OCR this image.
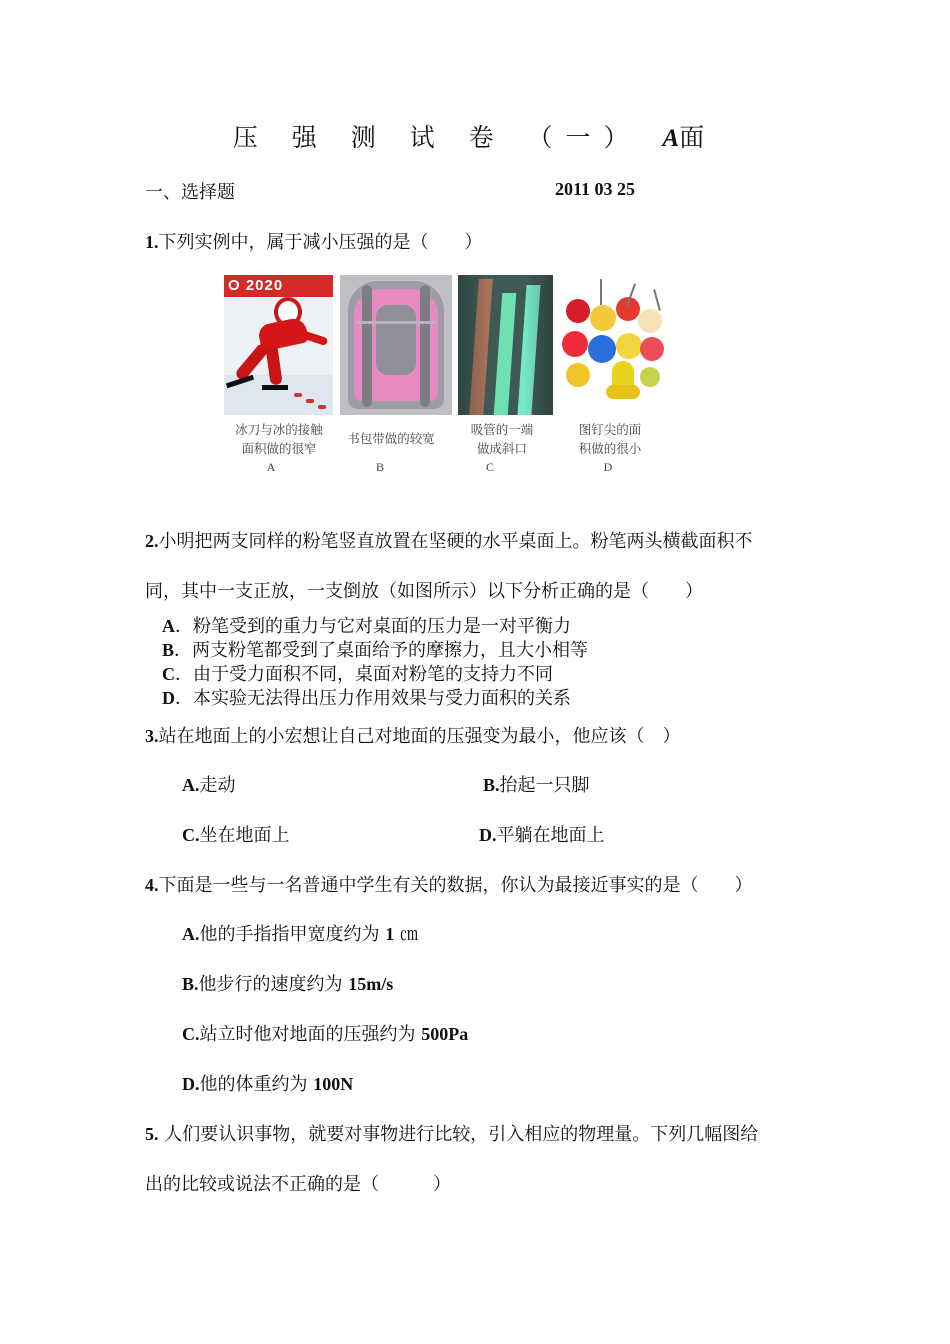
压 强 测 试 卷 （一） A面
一、选择题	2011 03 25
1.下列实例中，属于减小压强的是（　　）
O 2020
冰刀与冰的接触
面积做的很窄
A
书包带做的较宽
B
吸管的一端
做成斜口
C
图钉尖的面
积做的很小
D
2.小明把两支同样的粉笔竖直放置在坚硬的水平桌面上。粉笔两头横截面积不
同，其中一支正放，一支倒放（如图所示）以下分析正确的是（　　）
A．粉笔受到的重力与它对桌面的压力是一对平衡力
B．两支粉笔都受到了桌面给予的摩擦力，且大小相等
C．由于受力面积不同，桌面对粉笔的支持力不同
D．本实验无法得出压力作用效果与受力面积的关系
3.站在地面上的小宏想让自己对地面的压强变为最小，他应该（　）
A.走动	B.抬起一只脚
C.坐在地面上	D.平躺在地面上
4.下面是一些与一名普通中学生有关的数据，你认为最接近事实的是（　　）
A.他的手指指甲宽度约为 1 ㎝
B.他步行的速度约为 15m/s
C.站立时他对地面的压强约为 500Pa
D.他的体重约为 100N
5. 人们要认识事物，就要对事物进行比较，引入相应的物理量。下列几幅图给
出的比较或说法不正确的是（　　　）
